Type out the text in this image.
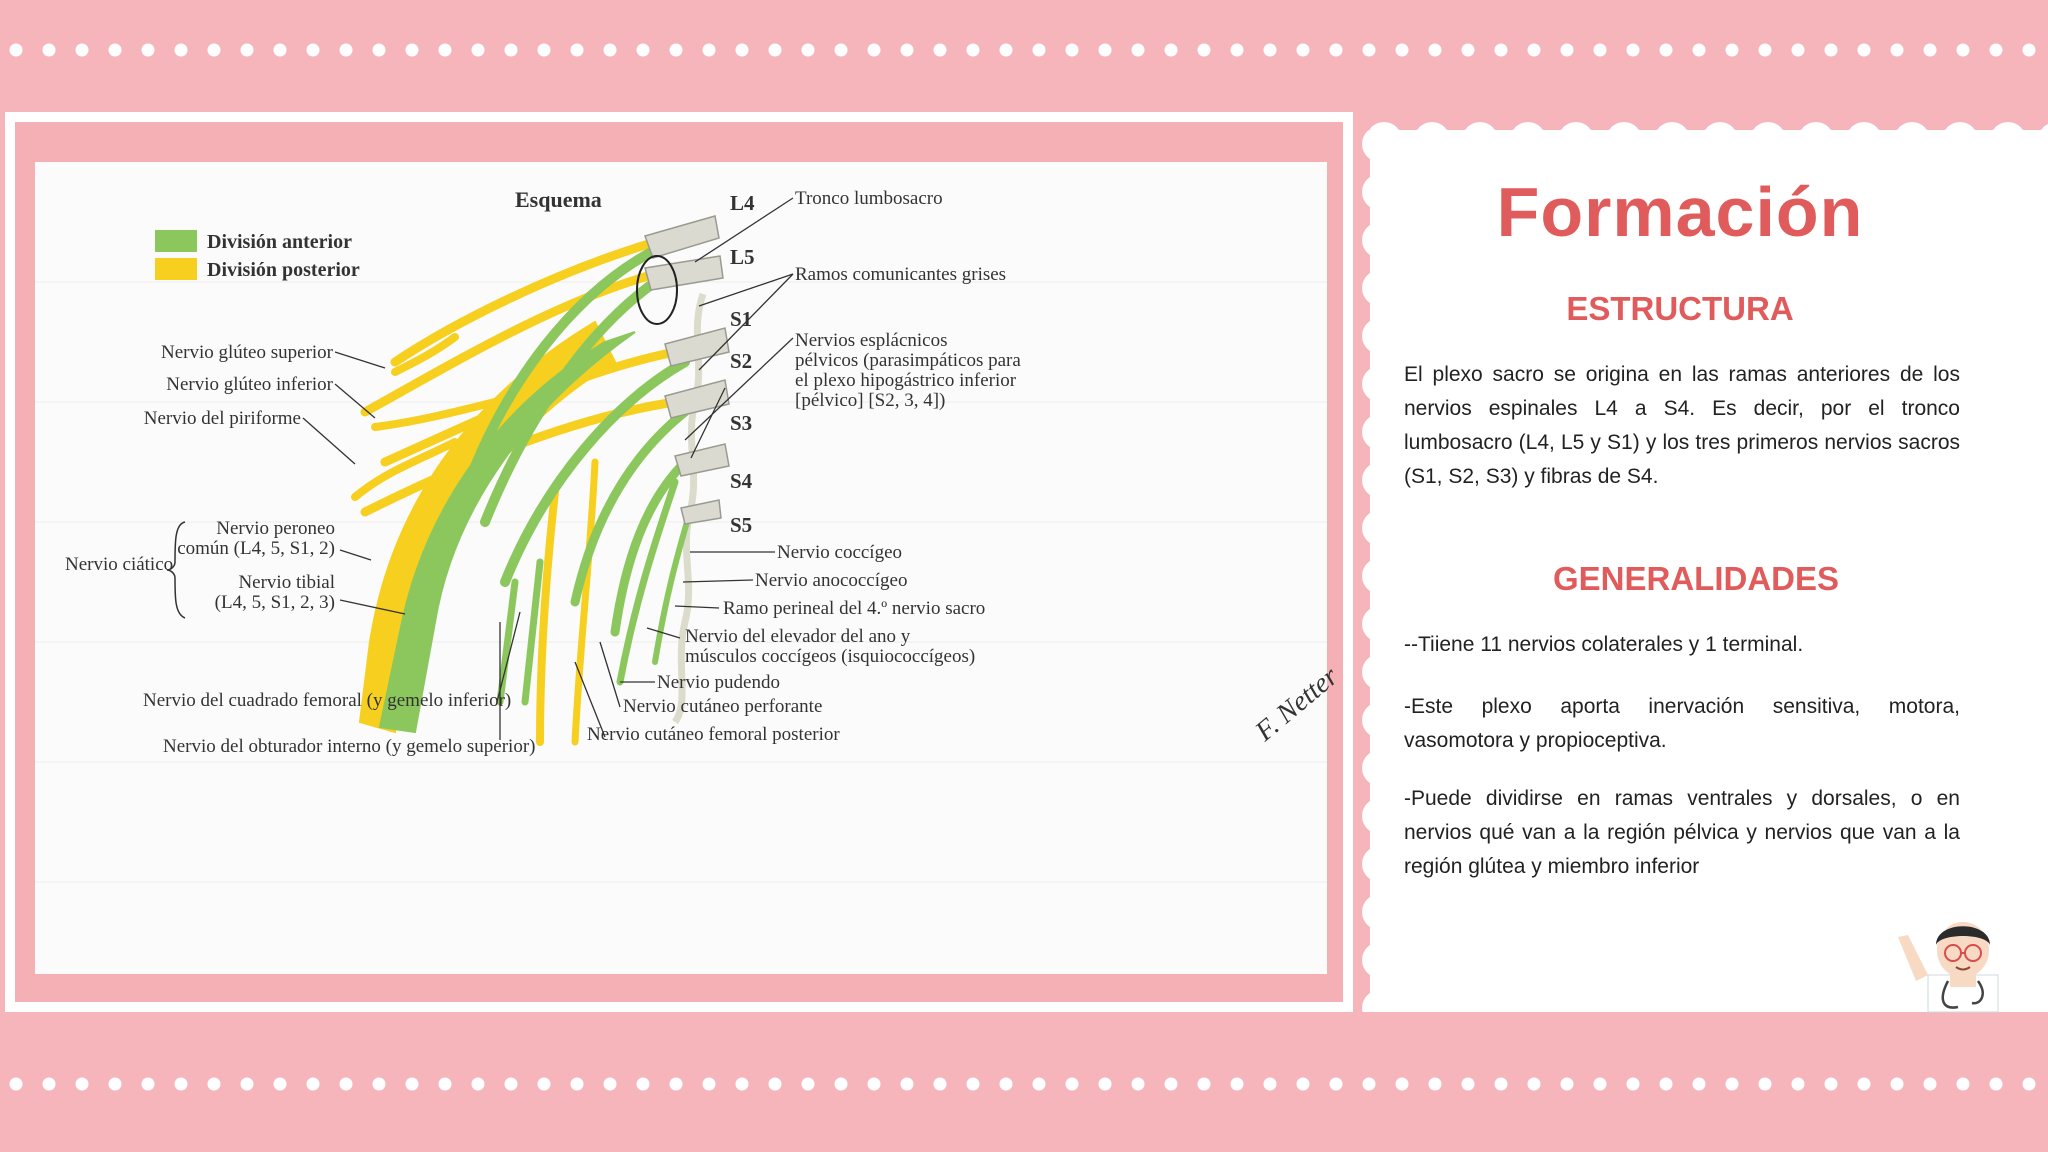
Esquema
División anterior
División posterior
L4
L5
S1
S2
S3
S4
S5
Tronco lumbosacro
Ramos comunicantes grises
Nervios esplácnicos
pélvicos (parasimpáticos para
el plexo hipogástrico inferior
[pélvico] [S2, 3, 4])
Nervio coccígeo
Nervio anococcígeo
Ramo perineal del 4.º nervio sacro
Nervio del elevador del ano y
músculos coccígeos (isquiococcígeos)
Nervio pudendo
Nervio cutáneo perforante
Nervio cutáneo femoral posterior
Nervio glúteo superior
Nervio glúteo inferior
Nervio del piriforme
Nervio ciático
Nervio peroneo
común (L4, 5, S1, 2)
Nervio tibial
(L4, 5, S1, 2, 3)
Nervio del cuadrado femoral (y gemelo inferior)
Nervio del obturador interno (y gemelo superior)	F. Netter
Formación
ESTRUCTURA
El plexo sacro se origina en las ramas anteriores de los nervios espinales L4 a S4. Es decir, por el tronco lumbosacro (L4, L5 y S1) y los tres primeros nervios sacros (S1, S2, S3) y fibras de S4.
GENERALIDADES
--Tiiene 11 nervios colaterales y 1 terminal.
-Este plexo aporta inervación sensitiva, motora, vasomotora y propioceptiva.
-Puede dividirse en ramas ventrales y dorsales, o en nervios qué van a la región pélvica y nervios que van a la región glútea y miembro inferior
